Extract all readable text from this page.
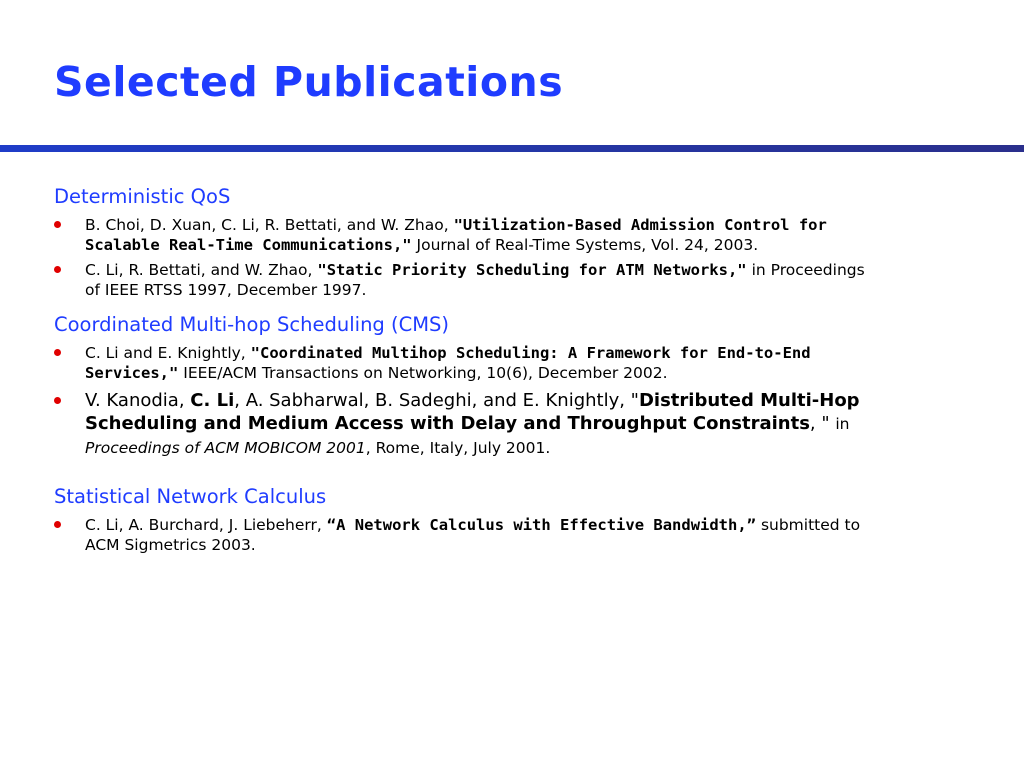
Selected Publications
Deterministic QoS
B. Choi, D. Xuan, C. Li, R. Bettati, and W. Zhao, "Utilization-Based Admission Control for Scalable Real-Time Communications," Journal of Real-Time Systems, Vol. 24, 2003.
C. Li, R. Bettati, and W. Zhao, "Static Priority Scheduling for ATM Networks," in Proceedings of IEEE RTSS 1997, December 1997.
Coordinated Multi-hop Scheduling (CMS)
C. Li and E. Knightly, "Coordinated Multihop Scheduling: A Framework for End-to-End Services," IEEE/ACM Transactions on Networking, 10(6), December 2002.
V. Kanodia, C. Li, A. Sabharwal, B. Sadeghi, and E. Knightly, "Distributed Multi-Hop Scheduling and Medium Access with Delay and Throughput Constraints, " in Proceedings of ACM MOBICOM 2001, Rome, Italy, July 2001.
Statistical Network Calculus
C. Li, A. Burchard, J. Liebeherr, “A Network Calculus with Effective Bandwidth,” submitted to ACM Sigmetrics 2003.
